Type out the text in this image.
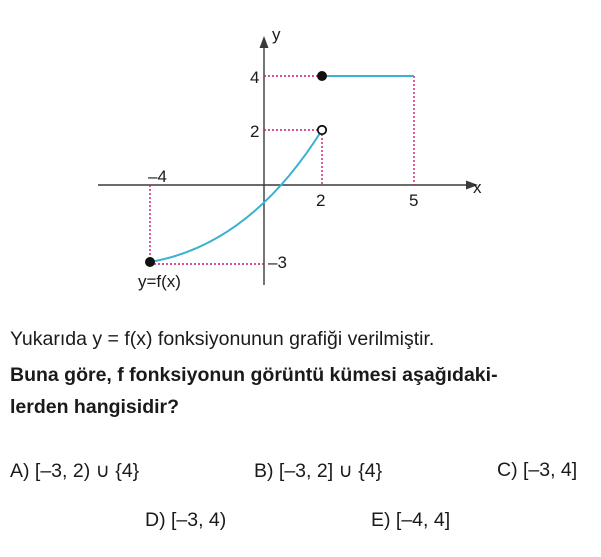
x
y
–4
2	5
4
2
–3
y=f(x)
Yukarıda y = f(x) fonksiyonunun grafiği verilmiştir.
Buna göre, f fonksiyonun görüntü kümesi aşağıdaki-
lerden hangisidir?
A) [–3, 2) ∪ {4}	B) [–3, 2] ∪ {4}	C) [–3, 4]
D) [–3, 4)	E) [–4, 4]
